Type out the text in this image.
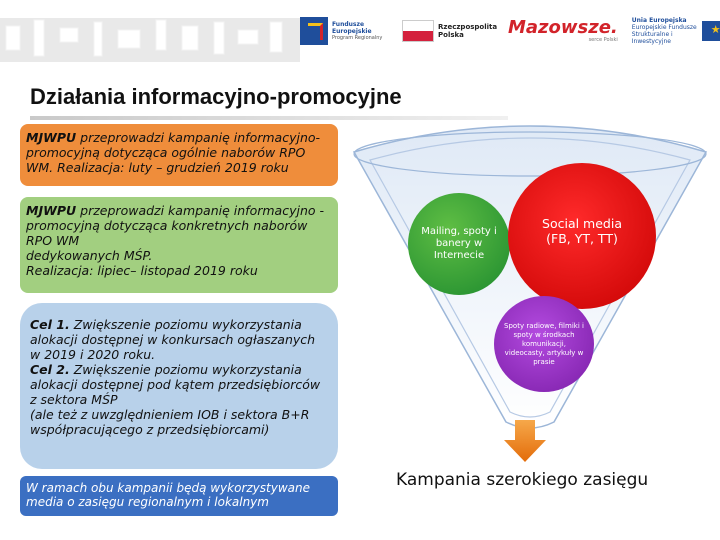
Fundusze
Europejskie
Program Regionalny
Rzeczpospolita
Polska	Mazowsze.
serce Polski
Unia Europejska
Europejskie Fundusze
Strukturalne i Inwestycyjne
★
Działania informacyjno-promocyjne
MJWPU przeprowadzi kampanię informacyjno-promocyjną dotycząca ogólnie naborów RPO WM. Realizacja: luty – grudzień 2019 roku
MJWPU przeprowadzi kampanię informacyjno -promocyjną dotycząca konkretnych naborów RPO WM
dedykowanych MŚP.
Realizacja: lipiec– listopad 2019 roku
Cel 1. Zwiększenie poziomu wykorzystania alokacji dostępnej w konkursach ogłaszanych w 2019 i 2020 roku.
Cel 2. Zwiększenie poziomu wykorzystania alokacji dostępnej pod kątem przedsiębiorców z sektora MŚP
(ale też z uwzględnieniem IOB i sektora B+R współpracującego z przedsiębiorcami)
W ramach obu kampanii będą wykorzystywane media o zasięgu regionalnym i lokalnym
Mailing, spoty i banery w Internecie
Social media (FB, YT, TT)
Spoty radiowe, filmiki i spoty w środkach komunikacji, videocasty, artykuły w prasie
Kampania szerokiego zasięgu
